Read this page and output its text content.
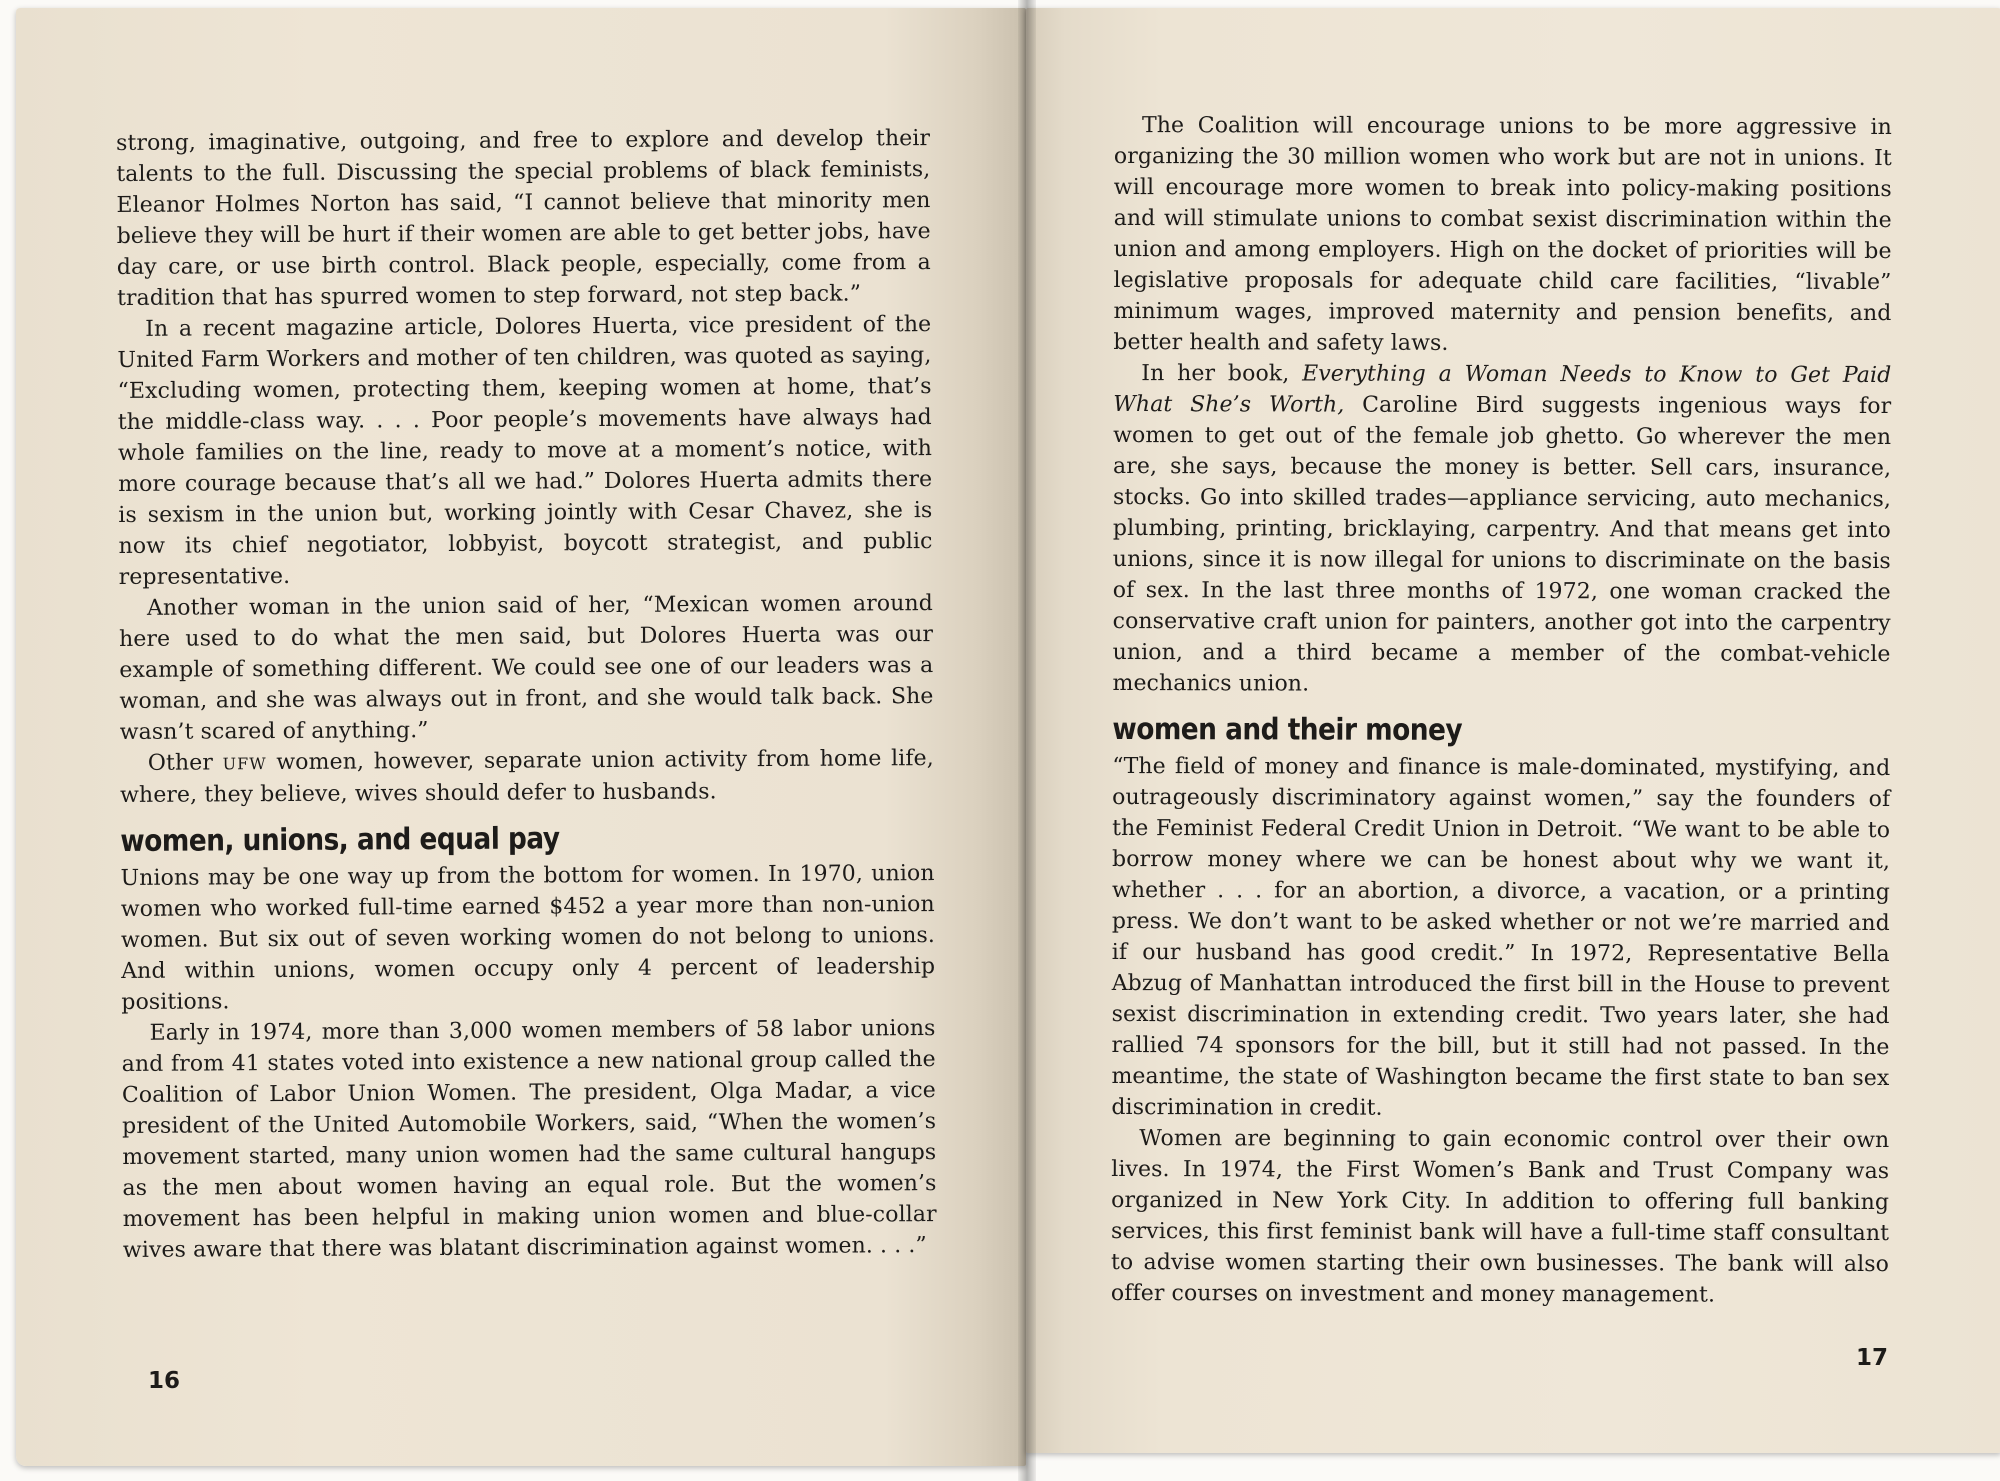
strong, imaginative, outgoing, and free to explore and develop their talents to the full. Discussing the special problems of black feminists, Eleanor Holmes Norton has said, “I cannot believe that minority men believe they will be hurt if their women are able to get better jobs, have day care, or use birth control. Black people, especially, come from a tradition that has spurred women to step forward, not step back.”

In a recent magazine article, Dolores Huerta, vice president of the United Farm Workers and mother of ten children, was quoted as saying, “Excluding women, protecting them, keeping women at home, that’s the middle-class way. . . . Poor people’s movements have always had whole families on the line, ready to move at a moment’s notice, with more courage because that’s all we had.” Dolores Huerta admits there is sexism in the union but, working jointly with Cesar Chavez, she is now its chief negotiator, lobbyist, boycott strategist, and public representative.

Another woman in the union said of her, “Mexican women around here used to do what the men said, but Dolores Huerta was our example of something different. We could see one of our leaders was a woman, and she was always out in front, and she would talk back. She wasn’t scared of anything.”

Other UFW women, however, separate union activity from home life, where, they believe, wives should defer to husbands.

women, unions, and equal pay

Unions may be one way up from the bottom for women. In 1970, union women who worked full-time earned $452 a year more than non-union women. But six out of seven working women do not belong to unions. And within unions, women occupy only 4 percent of leadership positions.

Early in 1974, more than 3,000 women members of 58 labor unions and from 41 states voted into existence a new national group called the Coalition of Labor Union Women. The president, Olga Madar, a vice president of the United Automobile Workers, said, “When the women’s movement started, many union women had the same cultural hangups as the men about women having an equal role. But the women’s movement has been helpful in making union women and blue-collar wives aware that there was blatant discrimination against women. . . .”

16

The Coalition will encourage unions to be more aggressive in organizing the 30 million women who work but are not in unions. It will encourage more women to break into policy-making positions and will stimulate unions to combat sexist discrimination within the union and among employers. High on the docket of priorities will be legislative proposals for adequate child care facilities, “livable” minimum wages, improved maternity and pension benefits, and better health and safety laws.

In her book, Everything a Woman Needs to Know to Get Paid What She’s Worth, Caroline Bird suggests ingenious ways for women to get out of the female job ghetto. Go wherever the men are, she says, because the money is better. Sell cars, insurance, stocks. Go into skilled trades—appliance servicing, auto mechanics, plumbing, printing, bricklaying, carpentry. And that means get into unions, since it is now illegal for unions to discriminate on the basis of sex. In the last three months of 1972, one woman cracked the conservative craft union for painters, another got into the carpentry union, and a third became a member of the combat-vehicle mechanics union.

women and their money

“The field of money and finance is male-dominated, mystifying, and outrageously discriminatory against women,” say the founders of the Feminist Federal Credit Union in Detroit. “We want to be able to borrow money where we can be honest about why we want it, whether . . . for an abortion, a divorce, a vacation, or a printing press. We don’t want to be asked whether or not we’re married and if our husband has good credit.” In 1972, Representative Bella Abzug of Manhattan introduced the first bill in the House to prevent sexist discrimination in extending credit. Two years later, she had rallied 74 sponsors for the bill, but it still had not passed. In the meantime, the state of Washington became the first state to ban sex discrimination in credit.

Women are beginning to gain economic control over their own lives. In 1974, the First Women’s Bank and Trust Company was organized in New York City. In addition to offering full banking services, this first feminist bank will have a full-time staff consultant to advise women starting their own businesses. The bank will also offer courses on investment and money management.

17
